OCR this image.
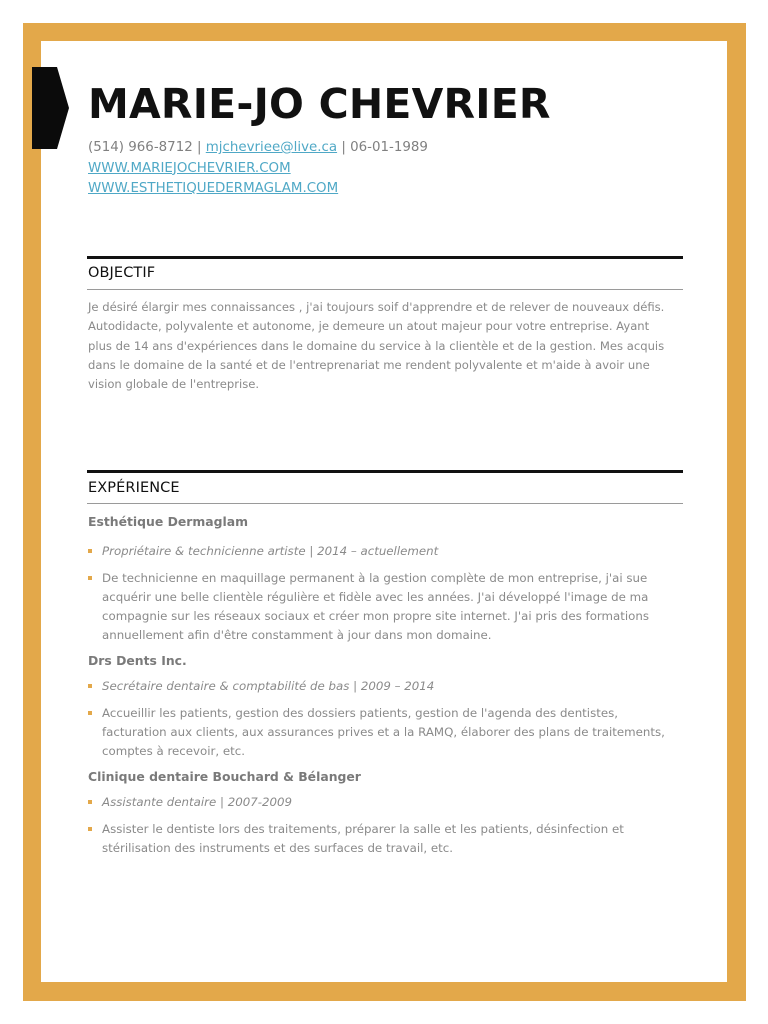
MARIE-JO CHEVRIER
(514) 966-8712 | mjchevriee@live.ca | 06-01-1989
WWW.MARIEJOCHEVRIER.COM
WWW.ESTHETIQUEDERMAGLAM.COM
OBJECTIF

Je désiré élargir mes connaissances , j'ai toujours soif d'apprendre et de relever de nouveaux défis. Autodidacte, polyvalente et autonome, je demeure un atout majeur pour votre entreprise. Ayant plus de 14 ans d'expériences dans le domaine du service à la clientèle et de la gestion. Mes acquis dans le domaine de la santé et de l'entreprenariat me rendent polyvalente et m'aide à avoir une vision globale de l'entreprise.

EXPÉRIENCE

Esthétique Dermaglam

Propriétaire & technicienne artiste | 2014 – actuellement

De technicienne en maquillage permanent à la gestion complète de mon entreprise, j'ai sue acquérir une belle clientèle régulière et fidèle avec les années. J'ai développé l'image de ma compagnie sur les réseaux sociaux et créer mon propre site internet. J'ai pris des formations annuellement afin d'être constamment à jour dans mon domaine.

Drs Dents Inc.

Secrétaire dentaire & comptabilité de bas | 2009 – 2014

Accueillir les patients, gestion des dossiers patients, gestion de l'agenda des dentistes, facturation aux clients, aux assurances prives et a la RAMQ, élaborer des plans de traitements, comptes à recevoir, etc.

Clinique dentaire Bouchard & Bélanger

Assistante dentaire | 2007-2009

Assister le dentiste lors des traitements, préparer la salle et les patients, désinfection et stérilisation des instruments et des surfaces de travail, etc.
